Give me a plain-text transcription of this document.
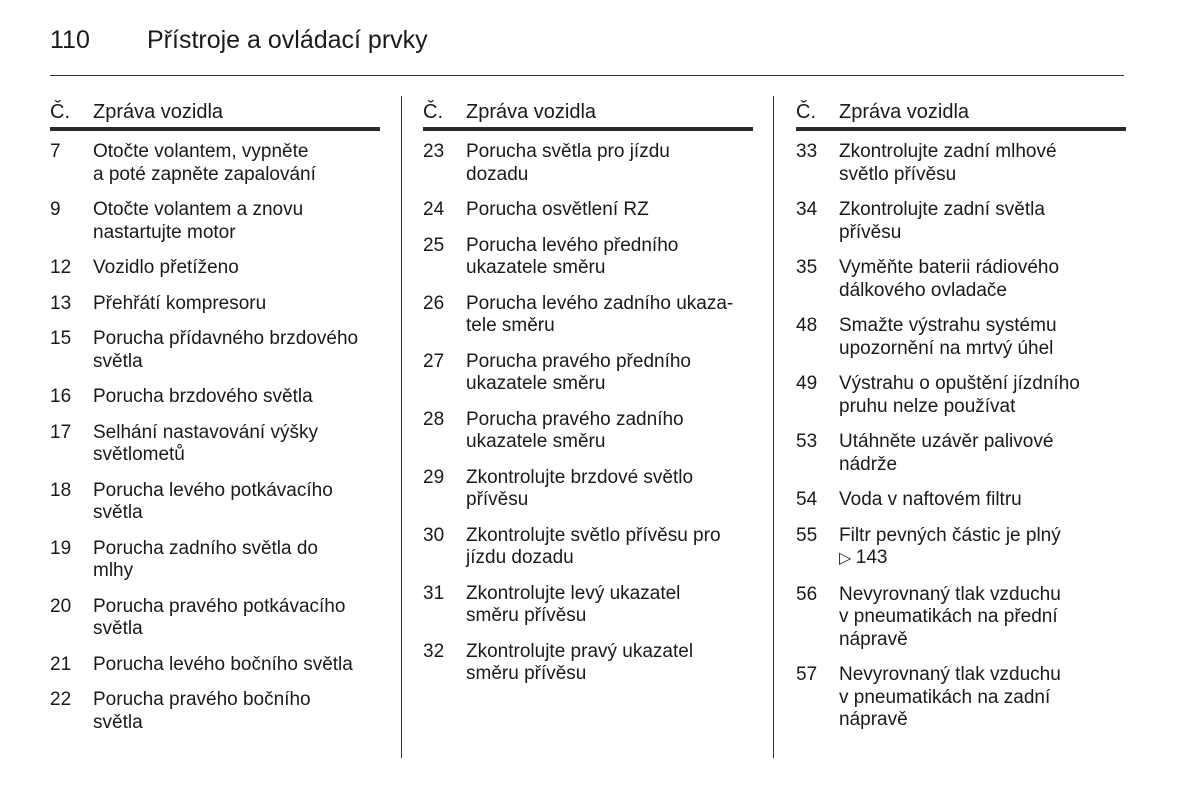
110 Přístroje a ovládací prvky
Č.	Zpráva vozidla
7	Otočte volantem, vypněte
a poté zapněte zapalování
9	Otočte volantem a znovu
nastartujte motor
12	Vozidlo přetíženo
13	Přehřátí kompresoru
15	Porucha přídavného brzdového
světla
16	Porucha brzdového světla
17	Selhání nastavování výšky
světlometů
18	Porucha levého potkávacího
světla
19	Porucha zadního světla do
mlhy
20	Porucha pravého potkávacího
světla
21	Porucha levého bočního světla
22	Porucha pravého bočního
světla
Č.	Zpráva vozidla
23	Porucha světla pro jízdu
dozadu
24	Porucha osvětlení RZ
25	Porucha levého předního
ukazatele směru
26	Porucha levého zadního ukaza-
tele směru
27	Porucha pravého předního
ukazatele směru
28	Porucha pravého zadního
ukazatele směru
29	Zkontrolujte brzdové světlo
přívěsu
30	Zkontrolujte světlo přívěsu pro
jízdu dozadu
31	Zkontrolujte levý ukazatel
směru přívěsu
32	Zkontrolujte pravý ukazatel
směru přívěsu
Č.	Zpráva vozidla
33	Zkontrolujte zadní mlhové
světlo přívěsu
34	Zkontrolujte zadní světla
přívěsu
35	Vyměňte baterii rádiového
dálkového ovladače
48	Smažte výstrahu systému
upozornění na mrtvý úhel
49	Výstrahu o opuštění jízdního
pruhu nelze používat
53	Utáhněte uzávěr palivové
nádrže
54	Voda v naftovém filtru
55	Filtr pevných částic je plný
▷ 143
56	Nevyrovnaný tlak vzduchu
v pneumatikách na přední
nápravě
57	Nevyrovnaný tlak vzduchu
v pneumatikách na zadní
nápravě
